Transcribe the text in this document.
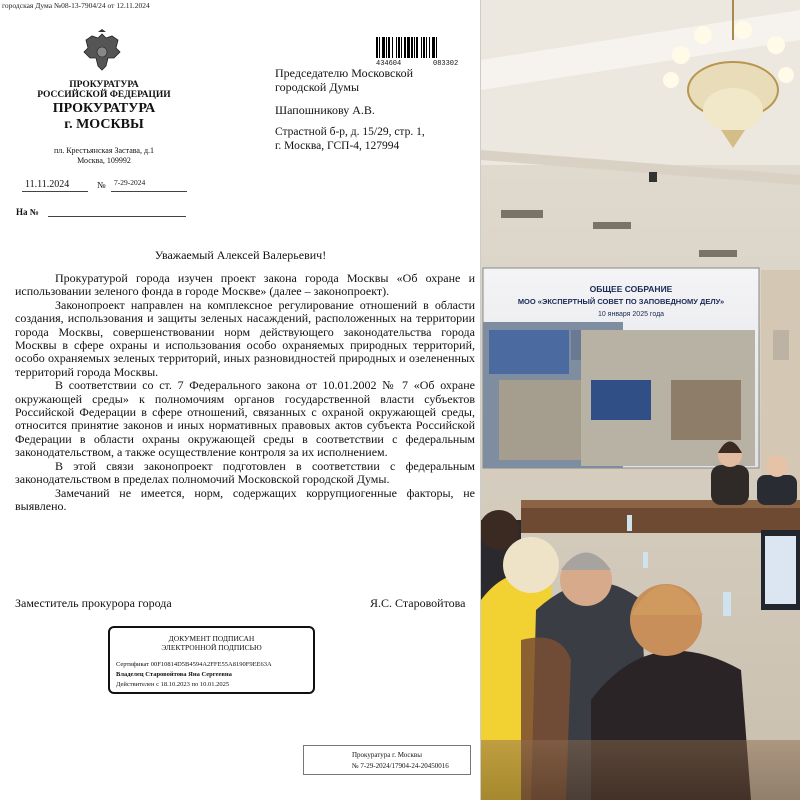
городская Дума №08-13-7904/24 от 12.11.2024
ПРОКУРАТУРА
РОССИЙСКОЙ ФЕДЕРАЦИИ
ПРОКУРАТУРА
г. МОСКВЫ
пл. Крестьянская Застава, д.1
Москва, 109992
11.11.2024	№ 7-29-2024
На №
434604	083302
Председателю Московской
городской Думы
Шапошникову А.В.
Страстной б-р, д. 15/29, стр. 1,
г. Москва, ГСП-4, 127994
Уважаемый Алексей Валерьевич!

Прокуратурой города изучен проект закона города Москвы «Об охране и использовании зеленого фонда в городе Москве» (далее – законопроект).

Законопроект направлен на комплексное регулирование отношений в области создания, использования и защиты зеленых насаждений, расположенных на территории города Москвы, совершенствовании норм действующего законодательства города Москвы в сфере охраны и использования особо охраняемых природных территорий, особо охраняемых зеленых территорий, иных разновидностей природных и озелененных территорий города Москвы.

В соответствии со ст. 7 Федерального закона от 10.01.2002 № 7 «Об охране окружающей среды» к полномочиям органов государственной власти субъектов Российской Федерации в сфере отношений, связанных с охраной окружающей среды, относится принятие законов и иных нормативных правовых актов субъекта Российской Федерации в области охраны окружающей среды в соответствии с федеральным законодательством, а также осуществление контроля за их исполнением.

В этой связи законопроект подготовлен в соответствии с федеральным законодательством в пределах полномочий Московской городской Думы.

Замечаний не имеется, норм, содержащих коррупциогенные факторы, не выявлено.

Заместитель прокурора города	Я.С. Старовойтова
ДОКУМЕНТ ПОДПИСАН
ЭЛЕКТРОННОЙ ПОДПИСЬЮ
Сертификат 00F10814D5B4594A2FFE55A8190F9EE63A
Владелец Старовойтова Яна Сергеевна
Действителен с 18.10.2023 по 10.01.2025
Прокуратура г. Москвы
№ 7-29-2024/17904-24-20450016
ОБЩЕЕ СОБРАНИЕ
МОО «ЭКСПЕРТНЫЙ СОВЕТ ПО ЗАПОВЕДНОМУ ДЕЛУ»
10 января 2025 года
